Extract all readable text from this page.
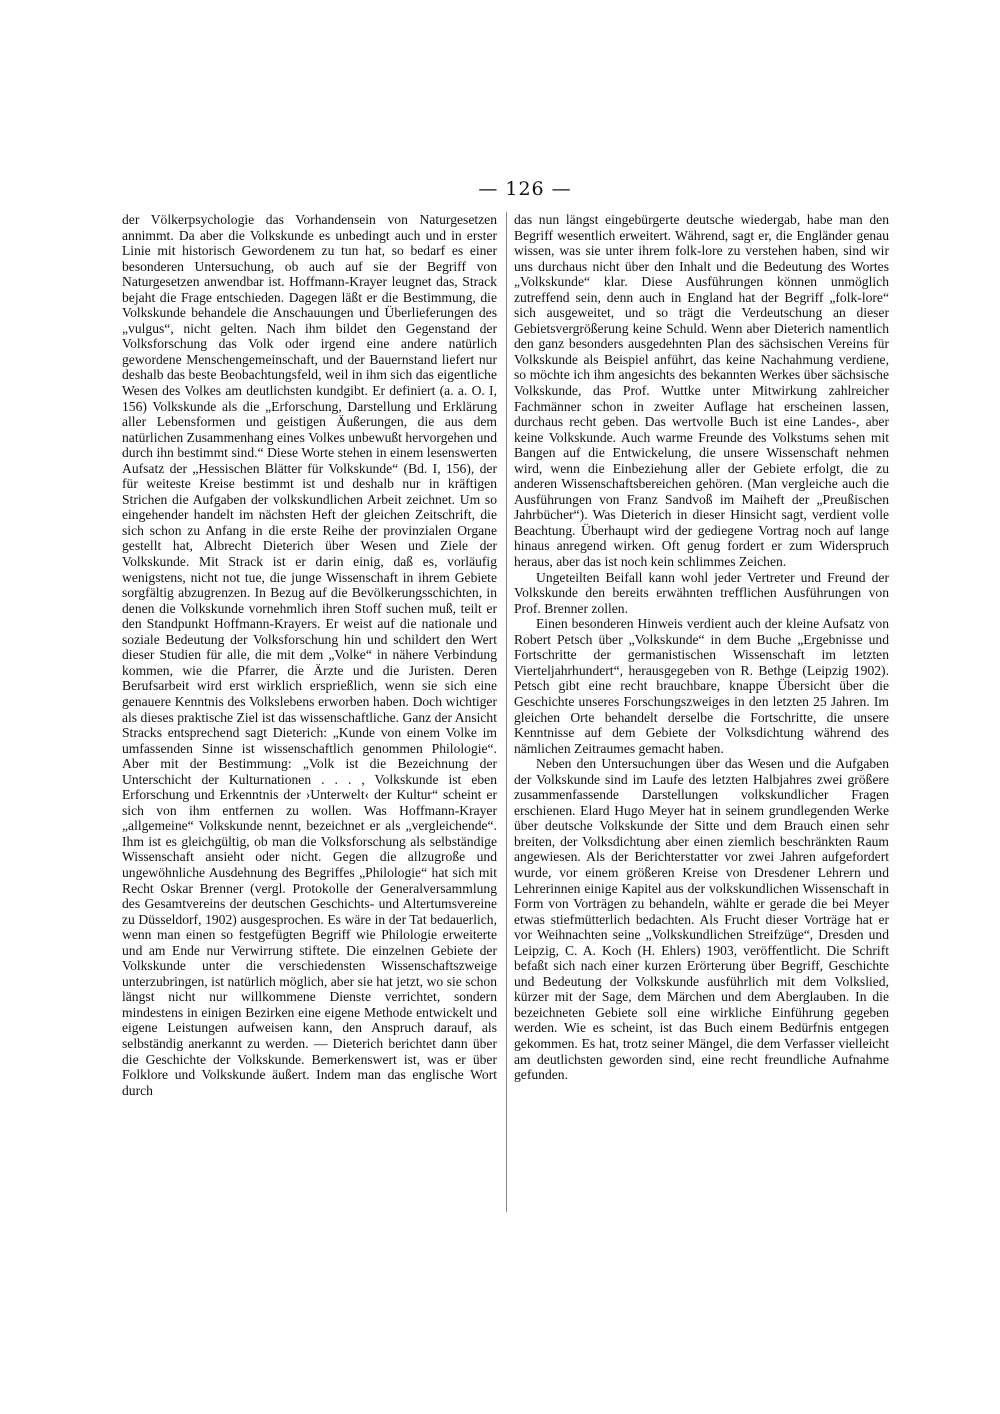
— 126 —

der Völkerpsychologie das Vorhandensein von Naturgesetzen annimmt. Da aber die Volkskunde es unbedingt auch und in erster Linie mit historisch Gewordenem zu tun hat, so bedarf es einer besonderen Untersuchung, ob auch auf sie der Begriff von Naturgesetzen anwendbar ist. Hoffmann-Krayer leugnet das, Strack bejaht die Frage entschieden. Dagegen läßt er die Bestimmung, die Volkskunde behandele die Anschauungen und Überlieferungen des „vulgus“, nicht gelten. Nach ihm bildet den Gegenstand der Volksforschung das Volk oder irgend eine andere natürlich gewordene Menschengemeinschaft, und der Bauernstand liefert nur deshalb das beste Beobachtungsfeld, weil in ihm sich das eigentliche Wesen des Volkes am deutlichsten kundgibt. Er definiert (a. a. O. I, 156) Volkskunde als die „Erforschung, Darstellung und Erklärung aller Lebensformen und geistigen Äußerungen, die aus dem natürlichen Zusammenhang eines Volkes unbewußt hervorgehen und durch ihn bestimmt sind.“ Diese Worte stehen in einem lesenswerten Aufsatz der „Hessischen Blätter für Volkskunde“ (Bd. I, 156), der für weiteste Kreise bestimmt ist und deshalb nur in kräftigen Strichen die Aufgaben der volkskundlichen Arbeit zeichnet. Um so eingehender handelt im nächsten Heft der gleichen Zeitschrift, die sich schon zu Anfang in die erste Reihe der provinzialen Organe gestellt hat, Albrecht Dieterich über Wesen und Ziele der Volkskunde. Mit Strack ist er darin einig, daß es, vorläufig wenigstens, nicht not tue, die junge Wissenschaft in ihrem Gebiete sorgfältig abzugrenzen. In Bezug auf die Bevölkerungsschichten, in denen die Volkskunde vornehmlich ihren Stoff suchen muß, teilt er den Standpunkt Hoffmann-Krayers. Er weist auf die nationale und soziale Bedeutung der Volksforschung hin und schildert den Wert dieser Studien für alle, die mit dem „Volke“ in nähere Verbindung kommen, wie die Pfarrer, die Ärzte und die Juristen. Deren Berufsarbeit wird erst wirklich ersprießlich, wenn sie sich eine genauere Kenntnis des Volkslebens erworben haben. Doch wichtiger als dieses praktische Ziel ist das wissenschaftliche. Ganz der Ansicht Stracks entsprechend sagt Dieterich: „Kunde von einem Volke im umfassenden Sinne ist wissenschaftlich genommen Philologie“. Aber mit der Bestimmung: „Volk ist die Bezeichnung der Unterschicht der Kulturnationen . . . , Volkskunde ist eben Erforschung und Erkenntnis der ›Unterwelt‹ der Kultur“ scheint er sich von ihm entfernen zu wollen. Was Hoffmann-Krayer „allgemeine“ Volkskunde nennt, bezeichnet er als „vergleichende“. Ihm ist es gleichgültig, ob man die Volksforschung als selbständige Wissenschaft ansieht oder nicht. Gegen die allzugroße und ungewöhnliche Ausdehnung des Begriffes „Philologie“ hat sich mit Recht Oskar Brenner (vergl. Protokolle der Generalversammlung des Gesamtvereins der deutschen Geschichts- und Altertumsvereine zu Düsseldorf, 1902) ausgesprochen. Es wäre in der Tat bedauerlich, wenn man einen so festgefügten Begriff wie Philologie erweiterte und am Ende nur Verwirrung stiftete. Die einzelnen Gebiete der Volkskunde unter die verschiedensten Wissenschaftszweige unterzubringen, ist natürlich möglich, aber sie hat jetzt, wo sie schon längst nicht nur willkommene Dienste verrichtet, sondern mindestens in einigen Bezirken eine eigene Methode entwickelt und eigene Leistungen aufweisen kann, den Anspruch darauf, als selbständig anerkannt zu werden. — Dieterich berichtet dann über die Geschichte der Volkskunde. Bemerkenswert ist, was er über Folklore und Volkskunde äußert. Indem man das englische Wort durch

das nun längst eingebürgerte deutsche wiedergab, habe man den Begriff wesentlich erweitert. Während, sagt er, die Engländer genau wissen, was sie unter ihrem folk-lore zu verstehen haben, sind wir uns durchaus nicht über den Inhalt und die Bedeutung des Wortes „Volkskunde“ klar. Diese Ausführungen können unmöglich zutreffend sein, denn auch in England hat der Begriff „folk-lore“ sich ausgeweitet, und so trägt die Verdeutschung an dieser Gebietsvergrößerung keine Schuld. Wenn aber Dieterich namentlich den ganz besonders ausgedehnten Plan des sächsischen Vereins für Volkskunde als Beispiel anführt, das keine Nachahmung verdiene, so möchte ich ihm angesichts des bekannten Werkes über sächsische Volkskunde, das Prof. Wuttke unter Mitwirkung zahlreicher Fachmänner schon in zweiter Auflage hat erscheinen lassen, durchaus recht geben. Das wertvolle Buch ist eine Landes-, aber keine Volkskunde. Auch warme Freunde des Volkstums sehen mit Bangen auf die Entwickelung, die unsere Wissenschaft nehmen wird, wenn die Einbeziehung aller der Gebiete erfolgt, die zu anderen Wissenschaftsbereichen gehören. (Man vergleiche auch die Ausführungen von Franz Sandvoß im Maiheft der „Preußischen Jahrbücher“). Was Dieterich in dieser Hinsicht sagt, verdient volle Beachtung. Überhaupt wird der gediegene Vortrag noch auf lange hinaus anregend wirken. Oft genug fordert er zum Widerspruch heraus, aber das ist noch kein schlimmes Zeichen.

Ungeteilten Beifall kann wohl jeder Vertreter und Freund der Volkskunde den bereits erwähnten trefflichen Ausführungen von Prof. Brenner zollen.

Einen besonderen Hinweis verdient auch der kleine Aufsatz von Robert Petsch über „Volkskunde“ in dem Buche „Ergebnisse und Fortschritte der germanistischen Wissenschaft im letzten Vierteljahrhundert“, herausgegeben von R. Bethge (Leipzig 1902). Petsch gibt eine recht brauchbare, knappe Übersicht über die Geschichte unseres Forschungszweiges in den letzten 25 Jahren. Im gleichen Orte behandelt derselbe die Fortschritte, die unsere Kenntnisse auf dem Gebiete der Volksdichtung während des nämlichen Zeitraumes gemacht haben.

Neben den Untersuchungen über das Wesen und die Aufgaben der Volkskunde sind im Laufe des letzten Halbjahres zwei größere zusammenfassende Darstellungen volkskundlicher Fragen erschienen. Elard Hugo Meyer hat in seinem grundlegenden Werke über deutsche Volkskunde der Sitte und dem Brauch einen sehr breiten, der Volksdichtung aber einen ziemlich beschränkten Raum angewiesen. Als der Berichterstatter vor zwei Jahren aufgefordert wurde, vor einem größeren Kreise von Dresdener Lehrern und Lehrerinnen einige Kapitel aus der volkskundlichen Wissenschaft in Form von Vorträgen zu behandeln, wählte er gerade die bei Meyer etwas stiefmütterlich bedachten. Als Frucht dieser Vorträge hat er vor Weihnachten seine „Volkskundlichen Streifzüge“, Dresden und Leipzig, C. A. Koch (H. Ehlers) 1903, veröffentlicht. Die Schrift befaßt sich nach einer kurzen Erörterung über Begriff, Geschichte und Bedeutung der Volkskunde ausführlich mit dem Volkslied, kürzer mit der Sage, dem Märchen und dem Aberglauben. In die bezeichneten Gebiete soll eine wirkliche Einführung gegeben werden. Wie es scheint, ist das Buch einem Bedürfnis entgegen gekommen. Es hat, trotz seiner Mängel, die dem Verfasser vielleicht am deutlichsten geworden sind, eine recht freundliche Aufnahme gefunden.
